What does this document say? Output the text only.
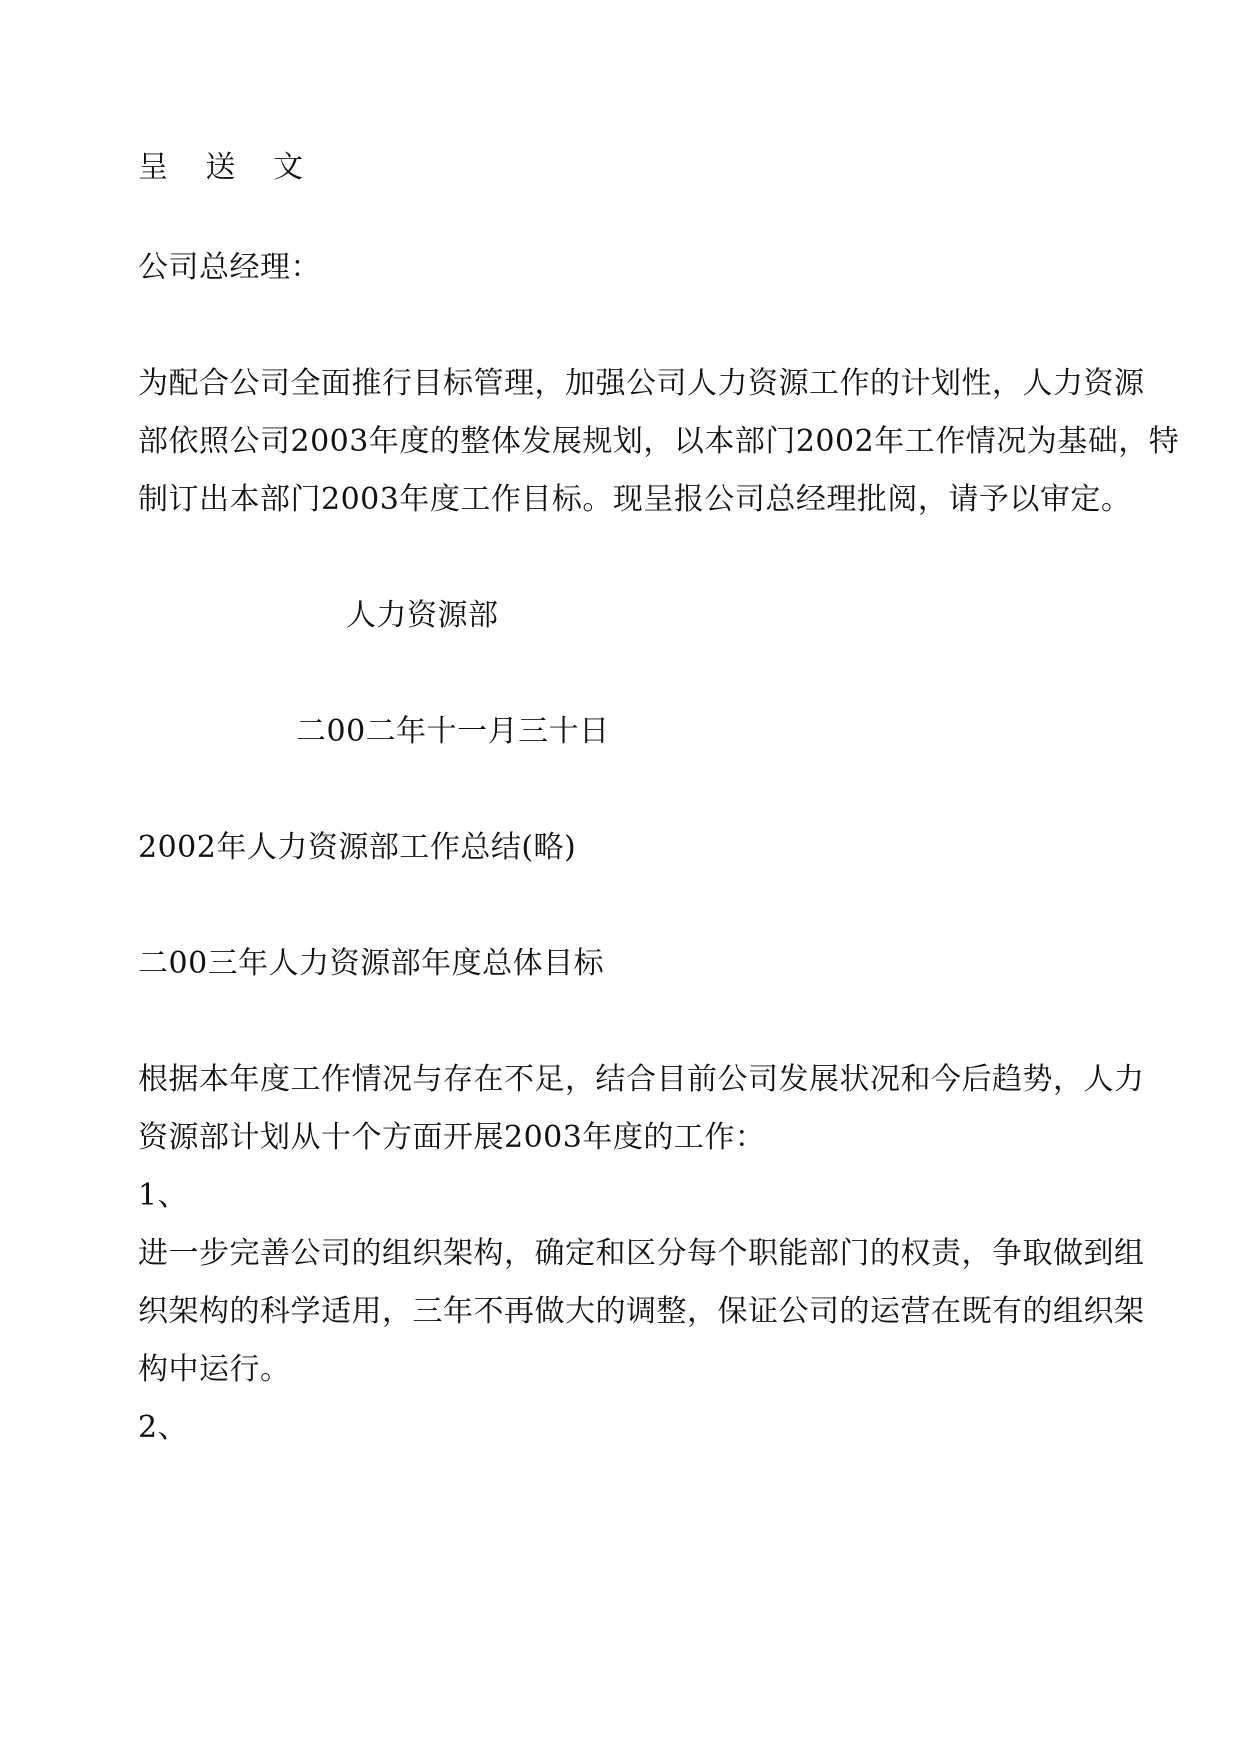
呈 送 文
公司总经理：
为配合公司全面推行目标管理，加强公司人力资源工作的计划性，人力资源
部依照公司2003年度的整体发展规划，以本部门2002年工作情况为基础，特
制订出本部门2003年度工作目标。现呈报公司总经理批阅，请予以审定。
人力资源部
二00二年十一月三十日
2002年人力资源部工作总结(略)
二00三年人力资源部年度总体目标
根据本年度工作情况与存在不足，结合目前公司发展状况和今后趋势，人力
资源部计划从十个方面开展2003年度的工作：
1、
进一步完善公司的组织架构，确定和区分每个职能部门的权责，争取做到组
织架构的科学适用，三年不再做大的调整，保证公司的运营在既有的组织架
构中运行。
2、
